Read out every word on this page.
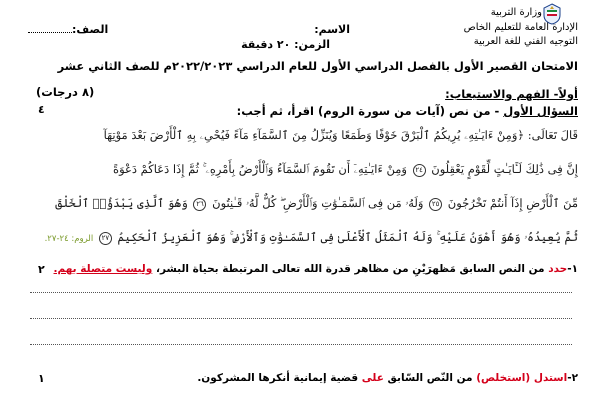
وزارة التربية
الإدارة العامة للتعليم الخاص
التوجيه الفني للغة العربية
الاسم:
الزمن: ٢٠ دقيقة
الصف:
الامتحان القصير الأول بالفصل الدراسي الأول للعام الدراسي ٢٠٢٢/٢٠٢٣م للصف الثاني عشر
أولاً- الفهم والاستيعاب:
(٨ درجات)
السؤال الأول - من نص (آيات من سورة الروم) اقرأ، ثم أجب:
٤
قَالَ تَعَالَى: ﴿وَمِنْ ءَايَـٰتِهِۦ يُرِيكُمُ ٱلْبَرْقَ خَوْفًا وَطَمَعًا وَيُنَزِّلُ مِنَ ٱلسَّمَآءِ مَآءً فَيُحْىِۦ بِهِ ٱلْأَرْضَ بَعْدَ مَوْتِهَآ
إِنَّ فِى ذَٰلِكَ لَـَٔايَـٰتٍ لِّقَوْمٍ يَعْقِلُونَ ٢٤ وَمِنْ ءَايَـٰتِهِۦٓ أَن تَقُومَ ٱلسَّمَآءُ وَٱلْأَرْضُ بِأَمْرِهِۦ ۚ ثُمَّ إِذَا دَعَاكُمْ دَعْوَةً
مِّنَ ٱلْأَرْضِ إِذَآ أَنتُمْ تَخْرُجُونَ ٢٥ وَلَهُۥ مَن فِى ٱلسَّمَـٰوَٰتِ وَٱلْأَرْضِ ۖ كُلٌّ لَّهُۥ قَـٰنِتُونَ ٢٦ وَهُوَ ٱلَّذِى يَبْدَؤُا۟ ٱلْخَلْقَ
ثُمَّ يُعِيدُهُۥ وَهُوَ أَهْوَنُ عَلَيْهِ ۚ وَلَهُ ٱلْمَثَلُ ٱلْأَعْلَىٰ فِى ٱلسَّمَـٰوَٰتِ وَٱلْأَرْضِ ۚ وَهُوَ ٱلْعَزِيزُ ٱلْحَكِيمُ ٢٧ الروم: ٢٤-٢٧.
١-حدد من النص السابق مَظهرَيْنِ من مظاهر قدرة الله تعالى المرتبطة بحياة البشر، وليست متصلة بهم.
٢
٢-استدل (استخلص) من النّص السّابق على قضية إيمانية أنكرها المشركون.
١
